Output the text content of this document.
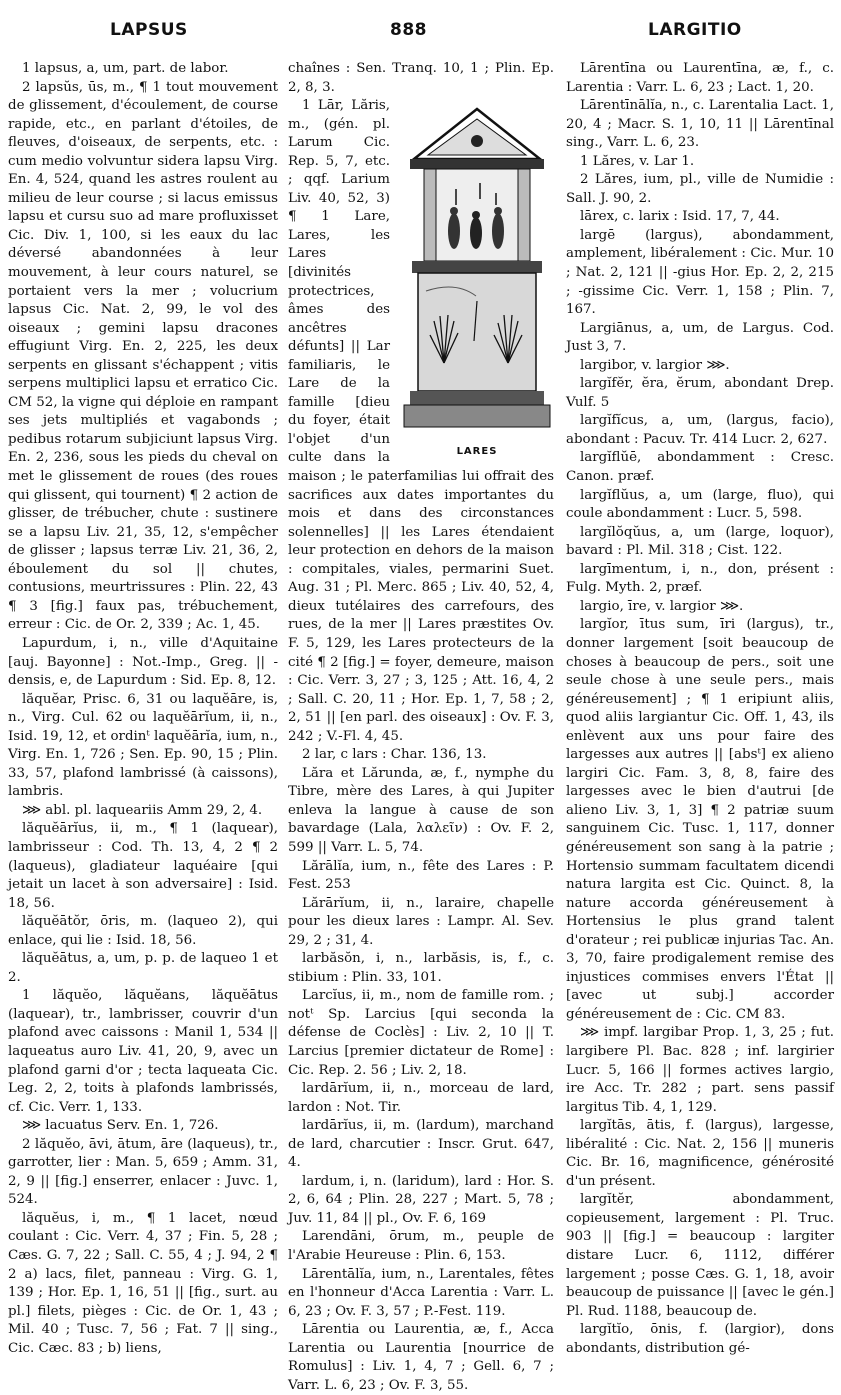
LAPSUS	888	LARGITIO

1 lapsus, a, um, part. de labor.

2 lapsŭs, ūs, m., ¶ 1 tout mouvement de glissement, d'écoulement, de course rapide, etc., en parlant d'étoiles, de fleuves, d'oiseaux, de serpents, etc. : cum medio volvuntur sidera lapsu Virg. En. 4, 524, quand les astres roulent au milieu de leur course ; si lacus emissus lapsu et cursu suo ad mare profluxisset Cic. Div. 1, 100, si les eaux du lac déversé abandonnées à leur mouvement, à leur cours naturel, se portaient vers la mer ; volucrium lapsus Cic. Nat. 2, 99, le vol des oiseaux ; gemini lapsu dracones effugiunt Virg. En. 2, 225, les deux serpents en glissant s'échappent ; vitis serpens multiplici lapsu et erratico Cic. CM 52, la vigne qui déploie en rampant ses jets multipliés et vagabonds ; pedibus rotarum subjiciunt lapsus Virg. En. 2, 236, sous les pieds du cheval on met le glissement de roues (des roues qui glissent, qui tournent) ¶ 2 action de glisser, de trébucher, chute : sustinere se a lapsu Liv. 21, 35, 12, s'empêcher de glisser ; lapsus terræ Liv. 21, 36, 2, éboulement du sol || chutes, contusions, meurtrissures : Plin. 22, 43 ¶ 3 [fig.] faux pas, trébuchement, erreur : Cic. de Or. 2, 339 ; Ac. 1, 45.

Lapurdum, i, n., ville d'Aquitaine [auj. Bayonne] : Not.-Imp., Greg. || -densis, e, de Lapurdum : Sid. Ep. 8, 12.

lăquĕar, Prisc. 6, 31 ou laquĕāre, is, n., Virg. Cul. 62 ou laquĕārĭum, ii, n., Isid. 19, 12, et ordinᵗ laquĕārĭa, ium, n., Virg. En. 1, 726 ; Sen. Ep. 90, 15 ; Plin. 33, 57, plafond lambrissé (à caissons), lambris.

⋙ abl. pl. laqueariis Amm 29, 2, 4.

lăquĕārĭus, ii, m., ¶ 1 (laquear), lambrisseur : Cod. Th. 13, 4, 2 ¶ 2 (laqueus), gladiateur laquéaire [qui jetait un lacet à son adversaire] : Isid. 18, 56.

lăquĕātŏr, ōris, m. (laqueo 2), qui enlace, qui lie : Isid. 18, 56.

lăquĕātus, a, um, p. p. de laqueo 1 et 2.

1 lăquĕo, lăquĕans, lăquĕātus (laquear), tr., lambrisser, couvrir d'un plafond avec caissons : Manil 1, 534 || laqueatus auro Liv. 41, 20, 9, avec un plafond garni d'or ; tecta laqueata Cic. Leg. 2, 2, toits à plafonds lambrissés, cf. Cic. Verr. 1, 133.

⋙ lacuatus Serv. En. 1, 726.

2 lăquĕo, āvi, ātum, āre (laqueus), tr., garrotter, lier : Man. 5, 659 ; Amm. 31, 2, 9 || [fig.] enserrer, enlacer : Juvc. 1, 524.

lăquĕus, i, m., ¶ 1 lacet, nœud coulant : Cic. Verr. 4, 37 ; Fin. 5, 28 ; Cæs. G. 7, 22 ; Sall. C. 55, 4 ; J. 94, 2 ¶ 2 a) lacs, filet, panneau : Virg. G. 1, 139 ; Hor. Ep. 1, 16, 51 || [fig., surt. au pl.] filets, pièges : Cic. de Or. 1, 43 ; Mil. 40 ; Tusc. 7, 56 ; Fat. 7 || sing., Cic. Cæc. 83 ; b) liens,

chaînes : Sen. Tranq. 10, 1 ; Plin. Ep. 2, 8, 3.

LARES

1 Lār, Lăris, m., (gén. pl. Larum Cic. Rep. 5, 7, etc. ; qqf. Larium Liv. 40, 52, 3) ¶ 1 Lare, Lares, les Lares [divinités protectrices, âmes des ancêtres défunts] || Lar familiaris, le Lare de la famille [dieu du foyer, était l'objet d'un culte dans la maison ; le paterfamilias lui offrait des sacrifices aux dates importantes du mois et dans des circonstances solennelles] || les Lares étendaient leur protection en dehors de la maison : compitales, viales, permarini Suet. Aug. 31 ; Pl. Merc. 865 ; Liv. 40, 52, 4, dieux tutélaires des carrefours, des rues, de la mer || Lares præstites Ov. F. 5, 129, les Lares protecteurs de la cité ¶ 2 [fig.] = foyer, demeure, maison : Cic. Verr. 3, 27 ; 3, 125 ; Att. 16, 4, 2 ; Sall. C. 20, 11 ; Hor. Ep. 1, 7, 58 ; 2, 2, 51 || [en parl. des oiseaux] : Ov. F. 3, 242 ; V.-Fl. 4, 45.

2 lar, c lars : Char. 136, 13.

Lăra et Lărunda, æ, f., nymphe du Tibre, mère des Lares, à qui Jupiter enleva la langue à cause de son bavardage (Lala, λαλεῖν) : Ov. F. 2, 599 || Varr. L. 5, 74.

Lărālĭa, ium, n., fête des Lares : P. Fest. 253

Lărārĭum, ii, n., laraire, chapelle pour les dieux lares : Lampr. Al. Sev. 29, 2 ; 31, 4.

larbăsŏn, i, n., larbăsis, is, f., c. stibium : Plin. 33, 101.

Larcĭus, ii, m., nom de famille rom. ; notᵗ Sp. Larcius [qui seconda la défense de Coclès] : Liv. 2, 10 || T. Larcius [premier dictateur de Rome] : Cic. Rep. 2. 56 ; Liv. 2, 18.

lardārĭum, ii, n., morceau de lard, lardon : Not. Tir.

lardārĭus, ii, m. (lardum), marchand de lard, charcutier : Inscr. Grut. 647, 4.

lardum, i, n. (laridum), lard : Hor. S. 2, 6, 64 ; Plin. 28, 227 ; Mart. 5, 78 ; Juv. 11, 84 || pl., Ov. F. 6, 169

Larendāni, ōrum, m., peuple de l'Arabie Heureuse : Plin. 6, 153.

Lārentālĭa, ium, n., Larentales, fêtes en l'honneur d'Acca Larentia : Varr. L. 6, 23 ; Ov. F. 3, 57 ; P.-Fest. 119.

Lārentia ou Laurentia, æ, f., Acca Larentia ou Laurentia [nourrice de Romulus] : Liv. 1, 4, 7 ; Gell. 6, 7 ; Varr. L. 6, 23 ; Ov. F. 3, 55.

Lārentīna ou Laurentīna, æ, f., c. Larentia : Varr. L. 6, 23 ; Lact. 1, 20.

Lārentīnālĭa, n., c. Larentalia Lact. 1, 20, 4 ; Macr. S. 1, 10, 11 || Lārentīnal sing., Varr. L. 6, 23.

1 Lăres, v. Lar 1.

2 Lăres, ium, pl., ville de Numidie : Sall. J. 90, 2.

lārex, c. larix : Isid. 17, 7, 44.

largē (largus), abondamment, amplement, libéralement : Cic. Mur. 10 ; Nat. 2, 121 || -gius Hor. Ep. 2, 2, 215 ; -gissime Cic. Verr. 1, 158 ; Plin. 7, 167.

Largiānus, a, um, de Largus. Cod. Just 3, 7.

largibor, v. largior ⋙.

largĭfĕr, ĕra, ĕrum, abondant Drep. Vulf. 5

largĭfĭcus, a, um, (largus, facio), abondant : Pacuv. Tr. 414 Lucr. 2, 627.

largĭflŭē, abondamment : Cresc. Canon. præf.

largĭflŭus, a, um (large, fluo), qui coule abondamment : Lucr. 5, 598.

largĭlŏqŭus, a, um (large, loquor), bavard : Pl. Mil. 318 ; Cist. 122.

largīmentum, i, n., don, présent : Fulg. Myth. 2, præf.

largio, īre, v. largior ⋙.

largĭor, ītus sum, īri (largus), tr., donner largement [soit beaucoup de choses à beaucoup de pers., soit une seule chose à une seule pers., mais généreusement] ; ¶ 1 eripiunt aliis, quod aliis largiantur Cic. Off. 1, 43, ils enlèvent aux uns pour faire des largesses aux autres || [absᵗ] ex alieno largiri Cic. Fam. 3, 8, 8, faire des largesses avec le bien d'autrui [de alieno Liv. 3, 1, 3] ¶ 2 patriæ suum sanguinem Cic. Tusc. 1, 117, donner généreusement son sang à la patrie ; Hortensio summam facultatem dicendi natura largita est Cic. Quinct. 8, la nature accorda généreusement à Hortensius le plus grand talent d'orateur ; rei publicæ injurias Tac. An. 3, 70, faire prodigalement remise des injustices commises envers l'État || [avec ut subj.] accorder généreusement de : Cic. CM 83.

⋙ impf. largibar Prop. 1, 3, 25 ; fut. largibere Pl. Bac. 828 ; inf. largirier Lucr. 5, 166 || formes actives largio, ire Acc. Tr. 282 ; part. sens passif largitus Tib. 4, 1, 129.

largĭtās, ātis, f. (largus), largesse, libéralité : Cic. Nat. 2, 156 || muneris Cic. Br. 16, magnificence, générosité d'un présent.

largĭtĕr, abondamment, copieusement, largement : Pl. Truc. 903 || [fig.] = beaucoup : largiter distare Lucr. 6, 1112, différer largement ; posse Cæs. G. 1, 18, avoir beaucoup de puissance || [avec le gén.] Pl. Rud. 1188, beaucoup de.

largĭtĭo, ōnis, f. (largior), dons abondants, distribution gé-
